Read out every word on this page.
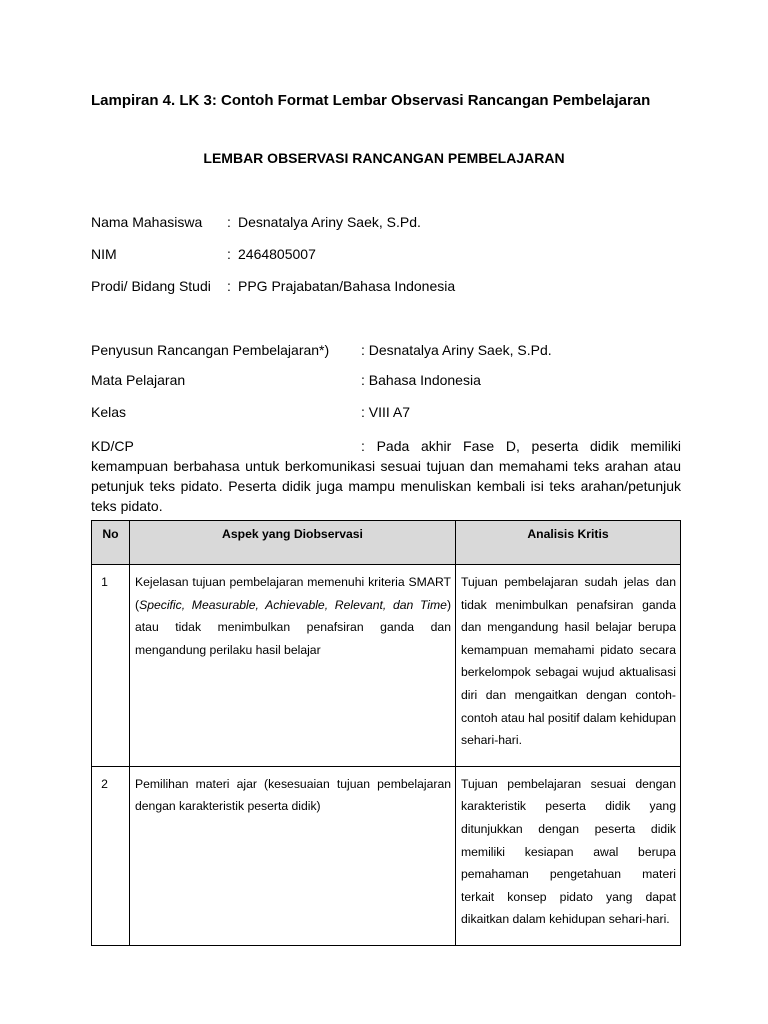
Lampiran 4. LK 3: Contoh Format Lembar Observasi Rancangan Pembelajaran
LEMBAR OBSERVASI RANCANGAN PEMBELAJARAN
Nama Mahasiswa : Desnatalya Ariny Saek, S.Pd.
NIM	: 2464805007
Prodi/ Bidang Studi : PPG Prajabatan/Bahasa Indonesia
Penyusun Rancangan Pembelajaran*) : Desnatalya Ariny Saek, S.Pd.
Mata Pelajaran	: Bahasa Indonesia
Kelas	: VIII A7
KD/CP	: Pada akhir Fase D, peserta didik memiliki kemampuan berbahasa untuk berkomunikasi sesuai tujuan dan memahami teks arahan atau petunjuk teks pidato. Peserta didik juga mampu menuliskan kembali isi teks arahan/petunjuk teks pidato.
No	Aspek yang Diobservasi	Analisis Kritis
1	Kejelasan tujuan pembelajaran memenuhi kriteria SMART (Specific, Measurable, Achievable, Relevant, dan Time) atau tidak menimbulkan penafsiran ganda dan mengandung perilaku hasil belajar	Tujuan pembelajaran sudah jelas dan tidak menimbulkan penafsiran ganda dan mengandung hasil belajar berupa kemampuan memahami pidato secara berkelompok sebagai wujud aktualisasi diri dan mengaitkan dengan contoh-contoh atau hal positif dalam kehidupan sehari-hari.
2	Pemilihan materi ajar (kesesuaian tujuan pembelajaran dengan karakteristik peserta didik)	Tujuan pembelajaran sesuai dengan karakteristik peserta didik yang ditunjukkan dengan peserta didik memiliki kesiapan awal berupa pemahaman pengetahuan materi terkait konsep pidato yang dapat dikaitkan dalam kehidupan sehari-hari.
